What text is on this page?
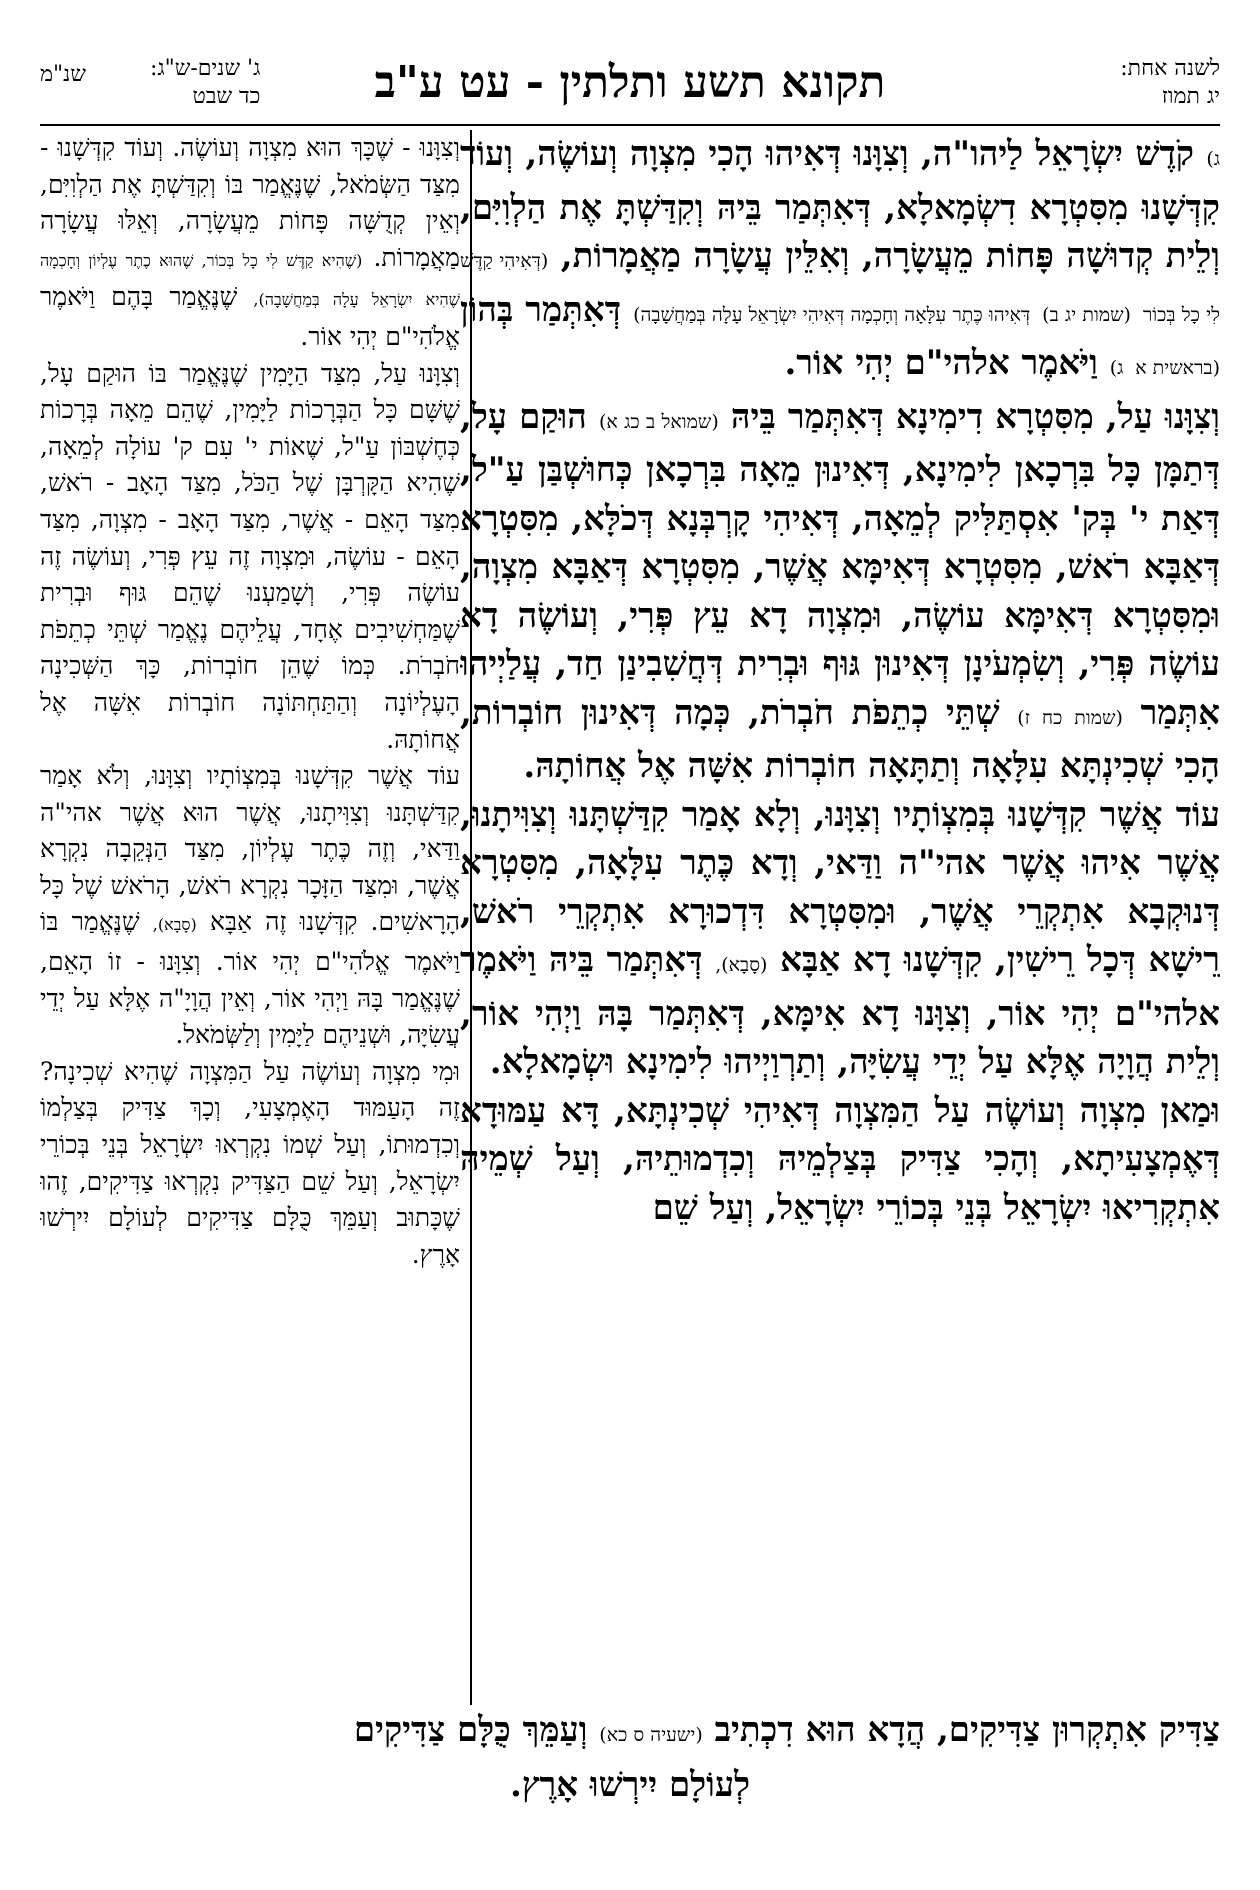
לשנה אחת:
יג תמוז
תקונא תשע ותלתין - עט ע"ב
ג' שנים-ש"ג:
כד שבט
שנ"מ

ג) קֹדֶשׁ יִשְׂרָאֵל לַיהו"ה, וְצִוָּנוּ דְּאִיהוּ הָכִי מִצְוָה וְעוֹשֶׂה, וְעוֹד קִדְּשָׁנוּ מִסִּטְרָא דִשְׂמָאלָא, דְּאִתְּמַר בֵּיהּ וְקִדַּשְׁתָּ אֶת הַלְוִיִּם, וְלֵית קְדוּשָׁה פָּחוֹת מֵעֲשָׂרָה, וְאִלֵּין עֲשָׂרָה מַאֲמָרוֹת, (דְּאִיהִי קַדֶּשׁ לִי כָל בְּכוֹר (שמות יג ב) דְּאִיהוּ כֶּתֶר עִלָּאָה וְחָכְמָה דְּאִיהִי יִשְׂרָאֵל עָלָה בְּמַחֲשָׁבָה) דְּאִתְּמַר בְּהוֹן (בראשית א ג) וַיֹּאמֶר אלהי"ם יְהִי אוֹר.

וְצִוָּנוּ עַל, מִסִּטְרָא דִימִינָא דְּאִתְּמַר בֵּיהּ (שמואל ב כג א) הוּקַם עָל, דְּתַמָּן כָּל בִּרְכָאן לִימִינָא, דְּאִינוּן מֵאָה בִּרְכָאן כְּחוּשְׁבַּן עַ"ל, דְּאַת י' בְּק' אִסְתַּלִּיק לְמֵאָה, דְּאִיהִי קָרְבְּנָא דְּכֹלָּא, מִסִּטְרָא דְּאַבָּא רֹאשׁ, מִסִּטְרָא דְּאִימָּא אֲשֶׁר, מִסִּטְרָא דְּאַבָּא מִצְוָה, וּמִסִּטְרָא דְּאִימָּא עוֹשֶׂה, וּמִצְוָה דָא עֵץ פְּרִי, וְעוֹשֶׂה דָא עוֹשֶׂה פְּרִי, וְשִׂמְעֹינָן דְּאִינוּן גּוּף וּבְרִית דְּחֲשִׁבִינַן חַד, עֲלַיְיהוּ אִתְּמַר (שמות כח ז) שְׁתֵּי כְתֵפֹת חֹבְרֹת, כְּמָה דְּאִינוּן חוֹבְרוֹת, הָכִי שְׁכִינְתָּא עִלָּאָה וְתַתָּאָה חוֹבְרוֹת אִשָּׁה אֶל אֲחוֹתָהּ.

עוֹד אֲשֶׁר קִדְּשָׁנוּ בְּמִצְוֹתָיו וְצִוָּנוּ, וְלָא אָמַר קִדַּשְׁתָּנוּ וְצִוִּיתָנוּ, אֲשֶׁר אִיהוּ אֲשֶׁר אהי"ה וַדַּאי, וְדָא כֶּתֶר עִלָּאָה, מִסִּטְרָא דְּנוּקְבָא אִתְקְרֵי אֲשֶׁר, וּמִסִּטְרָא דִּדְכוּרָא אִתְקְרֵי רֹאשׁ, רֵישָׁא דְּכָל רֵישִׁין, קִדְּשָׁנוּ דָא אַבָּא (סָבָא), דְּאִתְּמַר בֵּיהּ וַיֹּאמֶר אלהי"ם יְהִי אוֹר, וְצִוָּנוּ דָא אִימָּא, דְּאִתְּמַר בָּהּ וַיְהִי אוֹר, וְלֵית הֲוָיָה אֶלָּא עַל יְדֵי עֲשִׂיָּה, וְתַרְוַיְיהוּ לִימִינָא וּשְׂמָאלָא.

וּמַאן מִצְוָה וְעוֹשֶׂה עַל הַמִּצְוָה דְּאִיהִי שְׁכִינְתָּא, דָּא עַמּוּדָא דְּאֶמְצָעִיתָא, וְהָכִי צַדִּיק בְּצַלְמֵיהּ וְכִדְמוּתֵיהּ, וְעַל שְׁמֵיהּ אִתְקְרִיאוּ יִשְׂרָאֵל בְּנֵי בְּכוֹרֵי יִשְׂרָאֵל, וְעַל שֵׁם

וְצִוָּנוּ - שֶׁכָּךְ הוּא מִצְוָה וְעוֹשֶׂה. וְעוֹד קִדְּשָׁנוּ - מִצַּד הַשְּׂמֹאל, שֶׁנֶּאֱמַר בּוֹ וְקִדַּשְׁתָּ אֶת הַלְוִיִּם, וְאֵין קְדֻשָּׁה פָּחוֹת מֵעֲשָׂרָה, וְאֵלּוּ עֲשָׂרָה מַאֲמָרוֹת. (שֶׁהִיא קַדֶּשׁ לִי כָל בְּכוֹר, שֶׁהוּא כֶתֶר עֶלְיוֹן וְחָכְמָה שֶׁהִיא יִשְׂרָאֵל עָלָה בְּמַחֲשָׁבָה), שֶׁנֶּאֱמַר בָּהֶם וַיֹּאמֶר אֱלֹהִי"ם יְהִי אוֹר.

וְצִוָּנוּ עַל, מִצַּד הַיָּמִין שֶׁנֶּאֱמַר בּוֹ הוּקַם עָל, שֶׁשָּׁם כָּל הַבְּרָכוֹת לַיָּמִין, שֶׁהֵם מֵאָה בְּרָכוֹת כְּחֶשְׁבּוֹן עַ"ל, שֶׁאוֹת י' עִם ק' עוֹלָה לְמֵאָה, שֶׁהִיא הַקָּרְבָּן שֶׁל הַכֹּל, מִצַּד הָאָב - רֹאשׁ, מִצַּד הָאֵם - אֲשֶׁר, מִצַּד הָאָב - מִצְוָה, מִצַּד הָאֵם - עוֹשֶׂה, וּמִצְוָה זֶה עֵץ פְּרִי, וְעוֹשֶׂה זֶה עוֹשֶׂה פְּרִי, וְשָׁמַעְנוּ שֶׁהֵם גּוּף וּבְרִית שֶׁמַּחְשִׁיבִים אֶחָד, עֲלֵיהֶם נֶאֱמַר שְׁתֵּי כְתֵפֹת חֹבְרֹת. כְּמוֹ שֶׁהֵן חוֹבְרוֹת, כָּךְ הַשְּׁכִינָה הָעֶלְיוֹנָה וְהַתַּחְתּוֹנָה חוֹבְרוֹת אִשָּׁה אֶל אֲחוֹתָהּ.

עוֹד אֲשֶׁר קִדְּשָׁנוּ בְּמִצְוֹתָיו וְצִוָּנוּ, וְלֹא אָמַר קִדַּשְׁתָּנוּ וְצִוִּיתָנוּ, אֲשֶׁר הוּא אֲשֶׁר אהי"ה וַדַּאי, וְזֶה כֶּתֶר עֶלְיוֹן, מִצַּד הַנְּקֵבָה נִקְרָא אֲשֶׁר, וּמִצַּד הַזָּכָר נִקְרָא רֹאשׁ, הָרֹאשׁ שֶׁל כָּל הָרָאשִׁים. קִדְּשָׁנוּ זֶה אַבָּא (סָבָא), שֶׁנֶּאֱמַר בּוֹ וַיֹּאמֶר אֱלֹהִי"ם יְהִי אוֹר. וְצִוָּנוּ - זוֹ הָאֵם, שֶׁנֶּאֱמַר בָּהּ וַיְהִי אוֹר, וְאֵין הֲוָיָ"ה אֶלָּא עַל יְדֵי עֲשִׂיָּה, וּשְׁנֵיהֶם לַיָּמִין וְלַשְּׂמֹאל.

וּמִי מִצְוָה וְעוֹשֶׂה עַל הַמִּצְוָה שֶׁהִיא שְׁכִינָה? זֶה הָעַמּוּד הָאֶמְצָעִי, וְכָךְ צַדִּיק בְּצַלְמוֹ וְכִדְמוּתוֹ, וְעַל שְׁמוֹ נִקְרְאוּ יִשְׂרָאֵל בְּנֵי בְּכוֹרֵי יִשְׂרָאֵל, וְעַל שֵׁם הַצַּדִּיק נִקְרְאוּ צַדִּיקִים, זֶהוּ שֶׁכָּתוּב וְעַמֵּךְ כֻּלָּם צַדִּיקִים לְעוֹלָם יִירְשׁוּ אָרֶץ.

צַדִּיק אִתְקְרוּן צַדִּיקִים, הֲדָא הוּא דִכְתִיב (ישעיה ס כא) וְעַמֵּךְ כֻּלָּם צַדִּיקִים
לְעוֹלָם יִירְשׁוּ אָרֶץ.
